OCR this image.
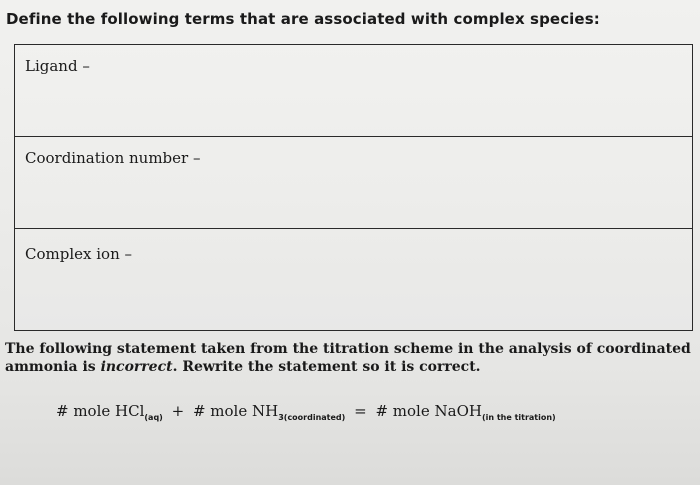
Define the following terms that are associated with complex species:
Ligand –
Coordination number –
Complex ion –
The following statement taken from the titration scheme in the analysis of coordinated
ammonia is incorrect. Rewrite the statement so it is correct.
# mole HCl$_{(aq)}$ + # mole $NH_{3(coordinated)}$ = # mole NaOH$_{(in the titration)}$
